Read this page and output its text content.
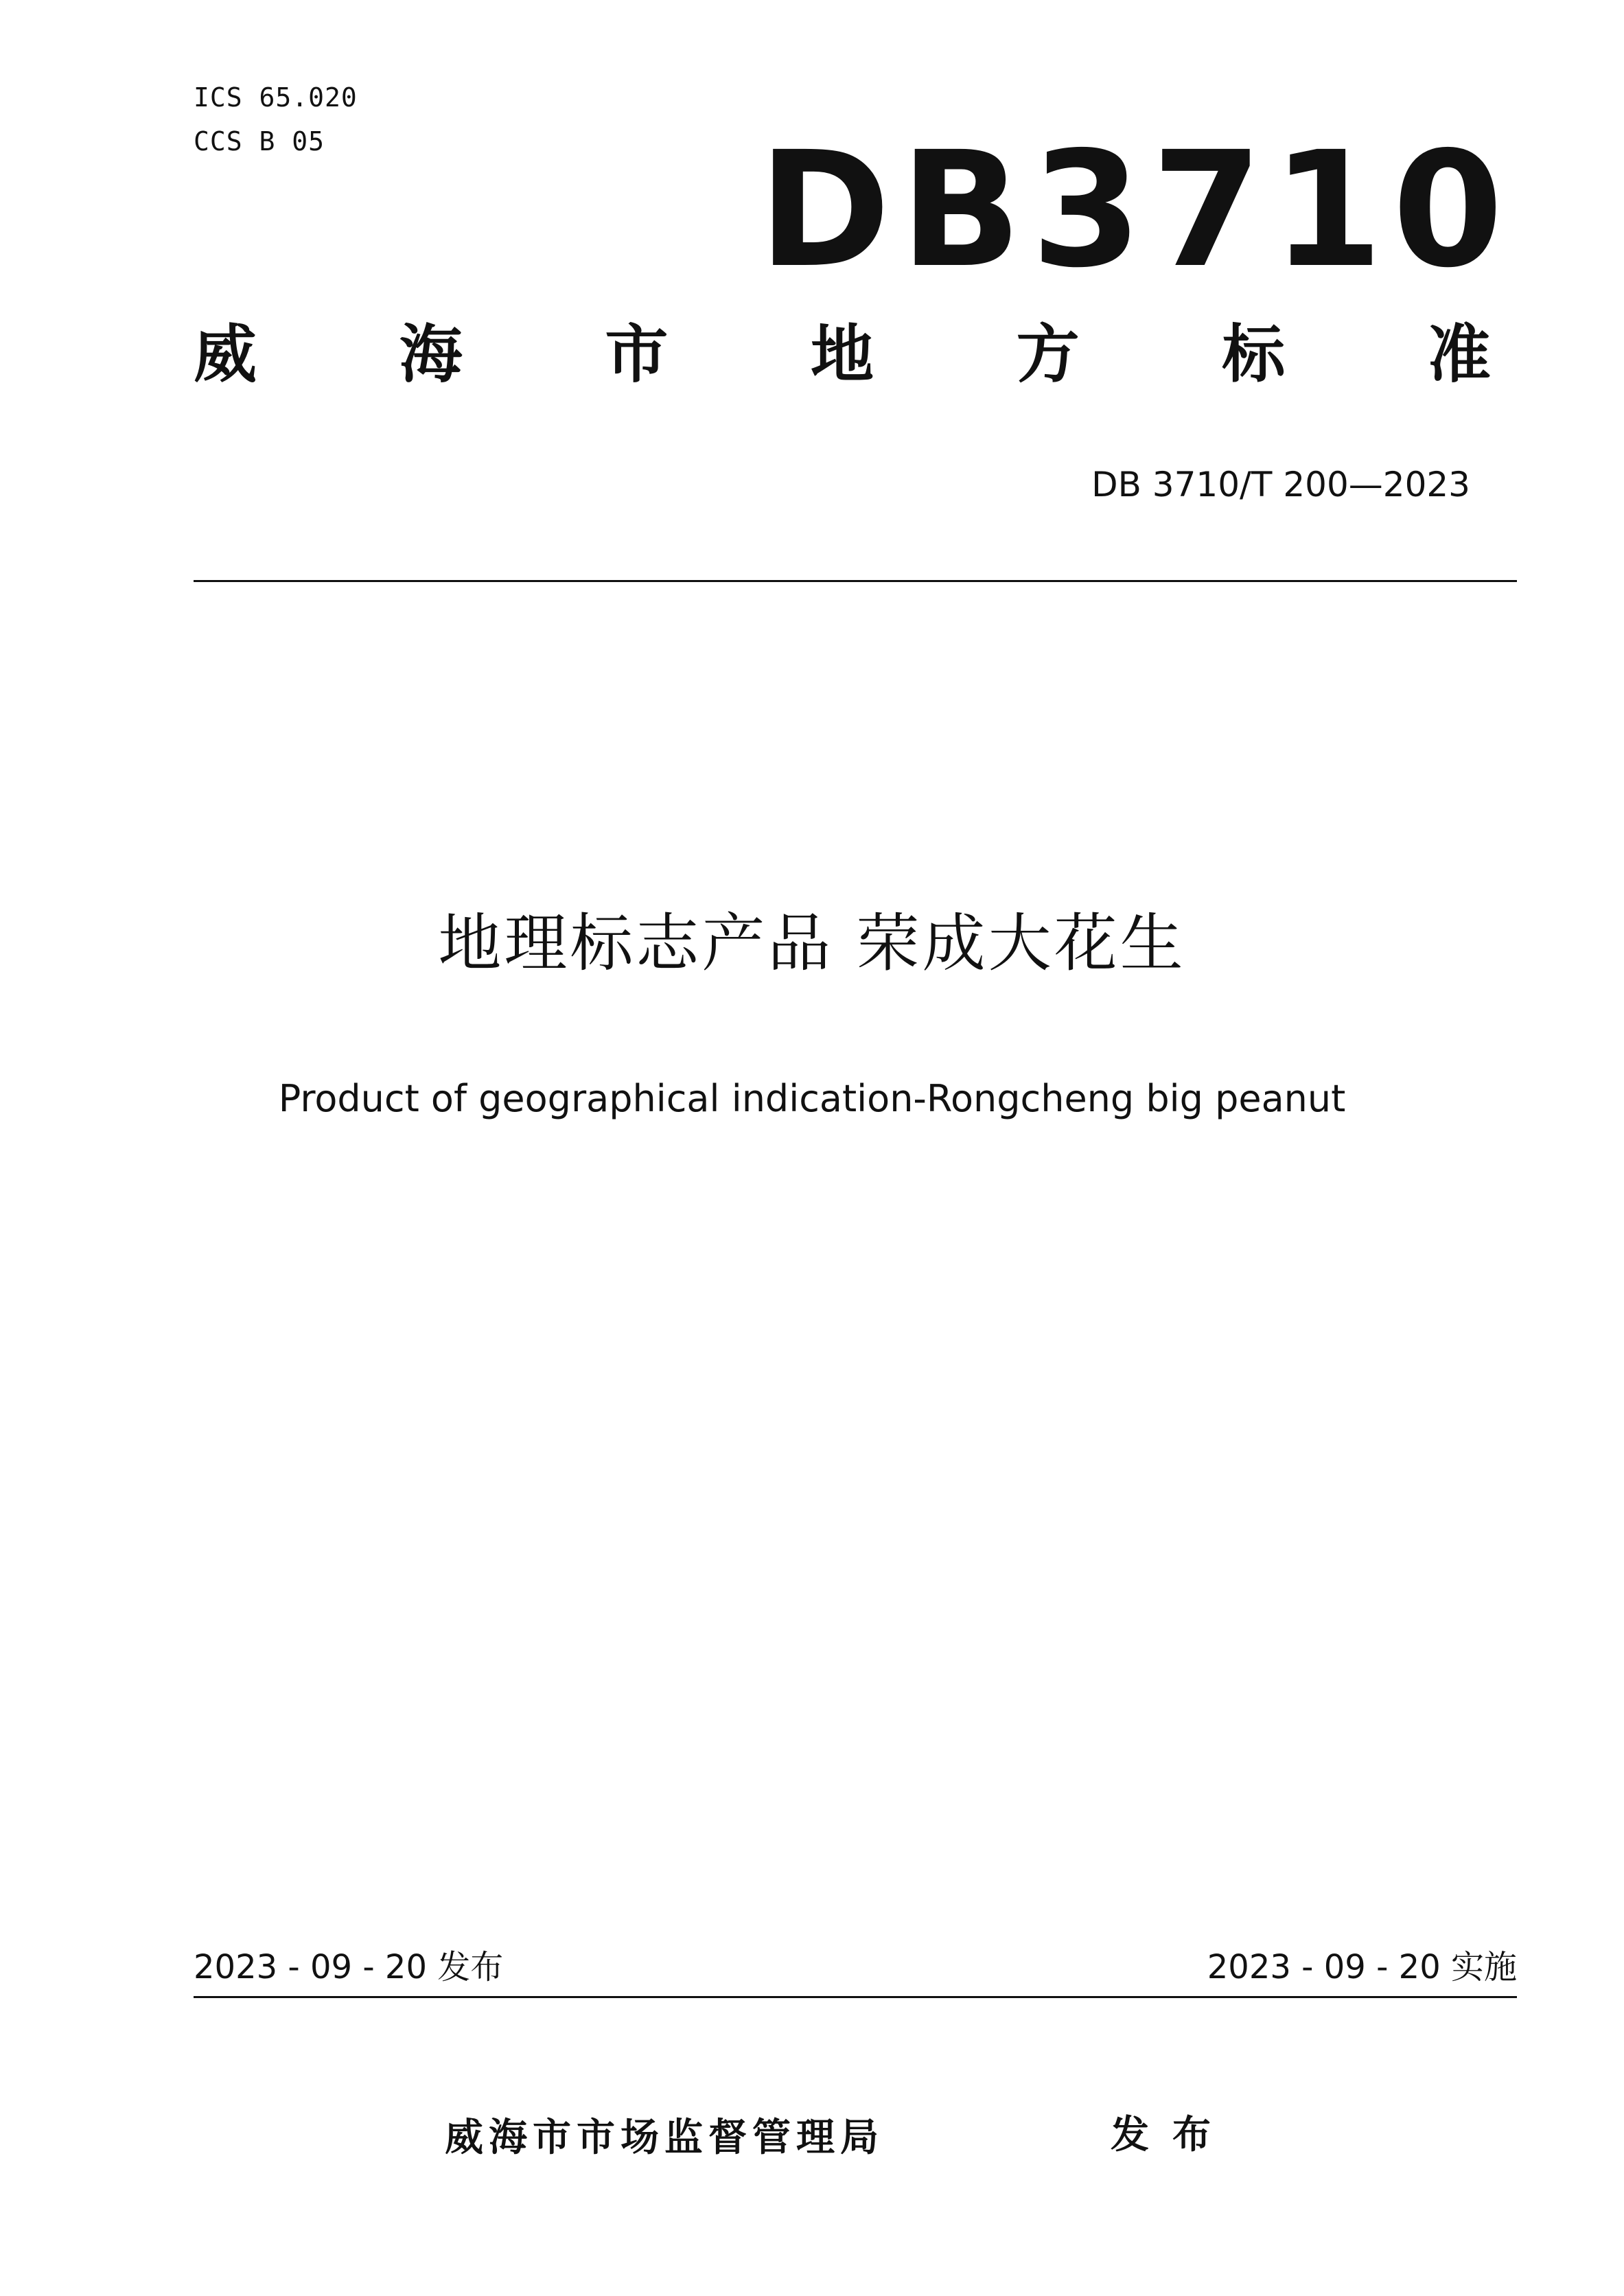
ICS 65.020
CCS B 05	DB3710
威 海 市 地 方 标 准
DB 3710/T 200—2023
地理标志产品 荣成大花生
Product of geographical indication-Rongcheng big peanut
2023 - 09 - 20 发布	2023 - 09 - 20 实施
威海市市场监督管理局	发布
